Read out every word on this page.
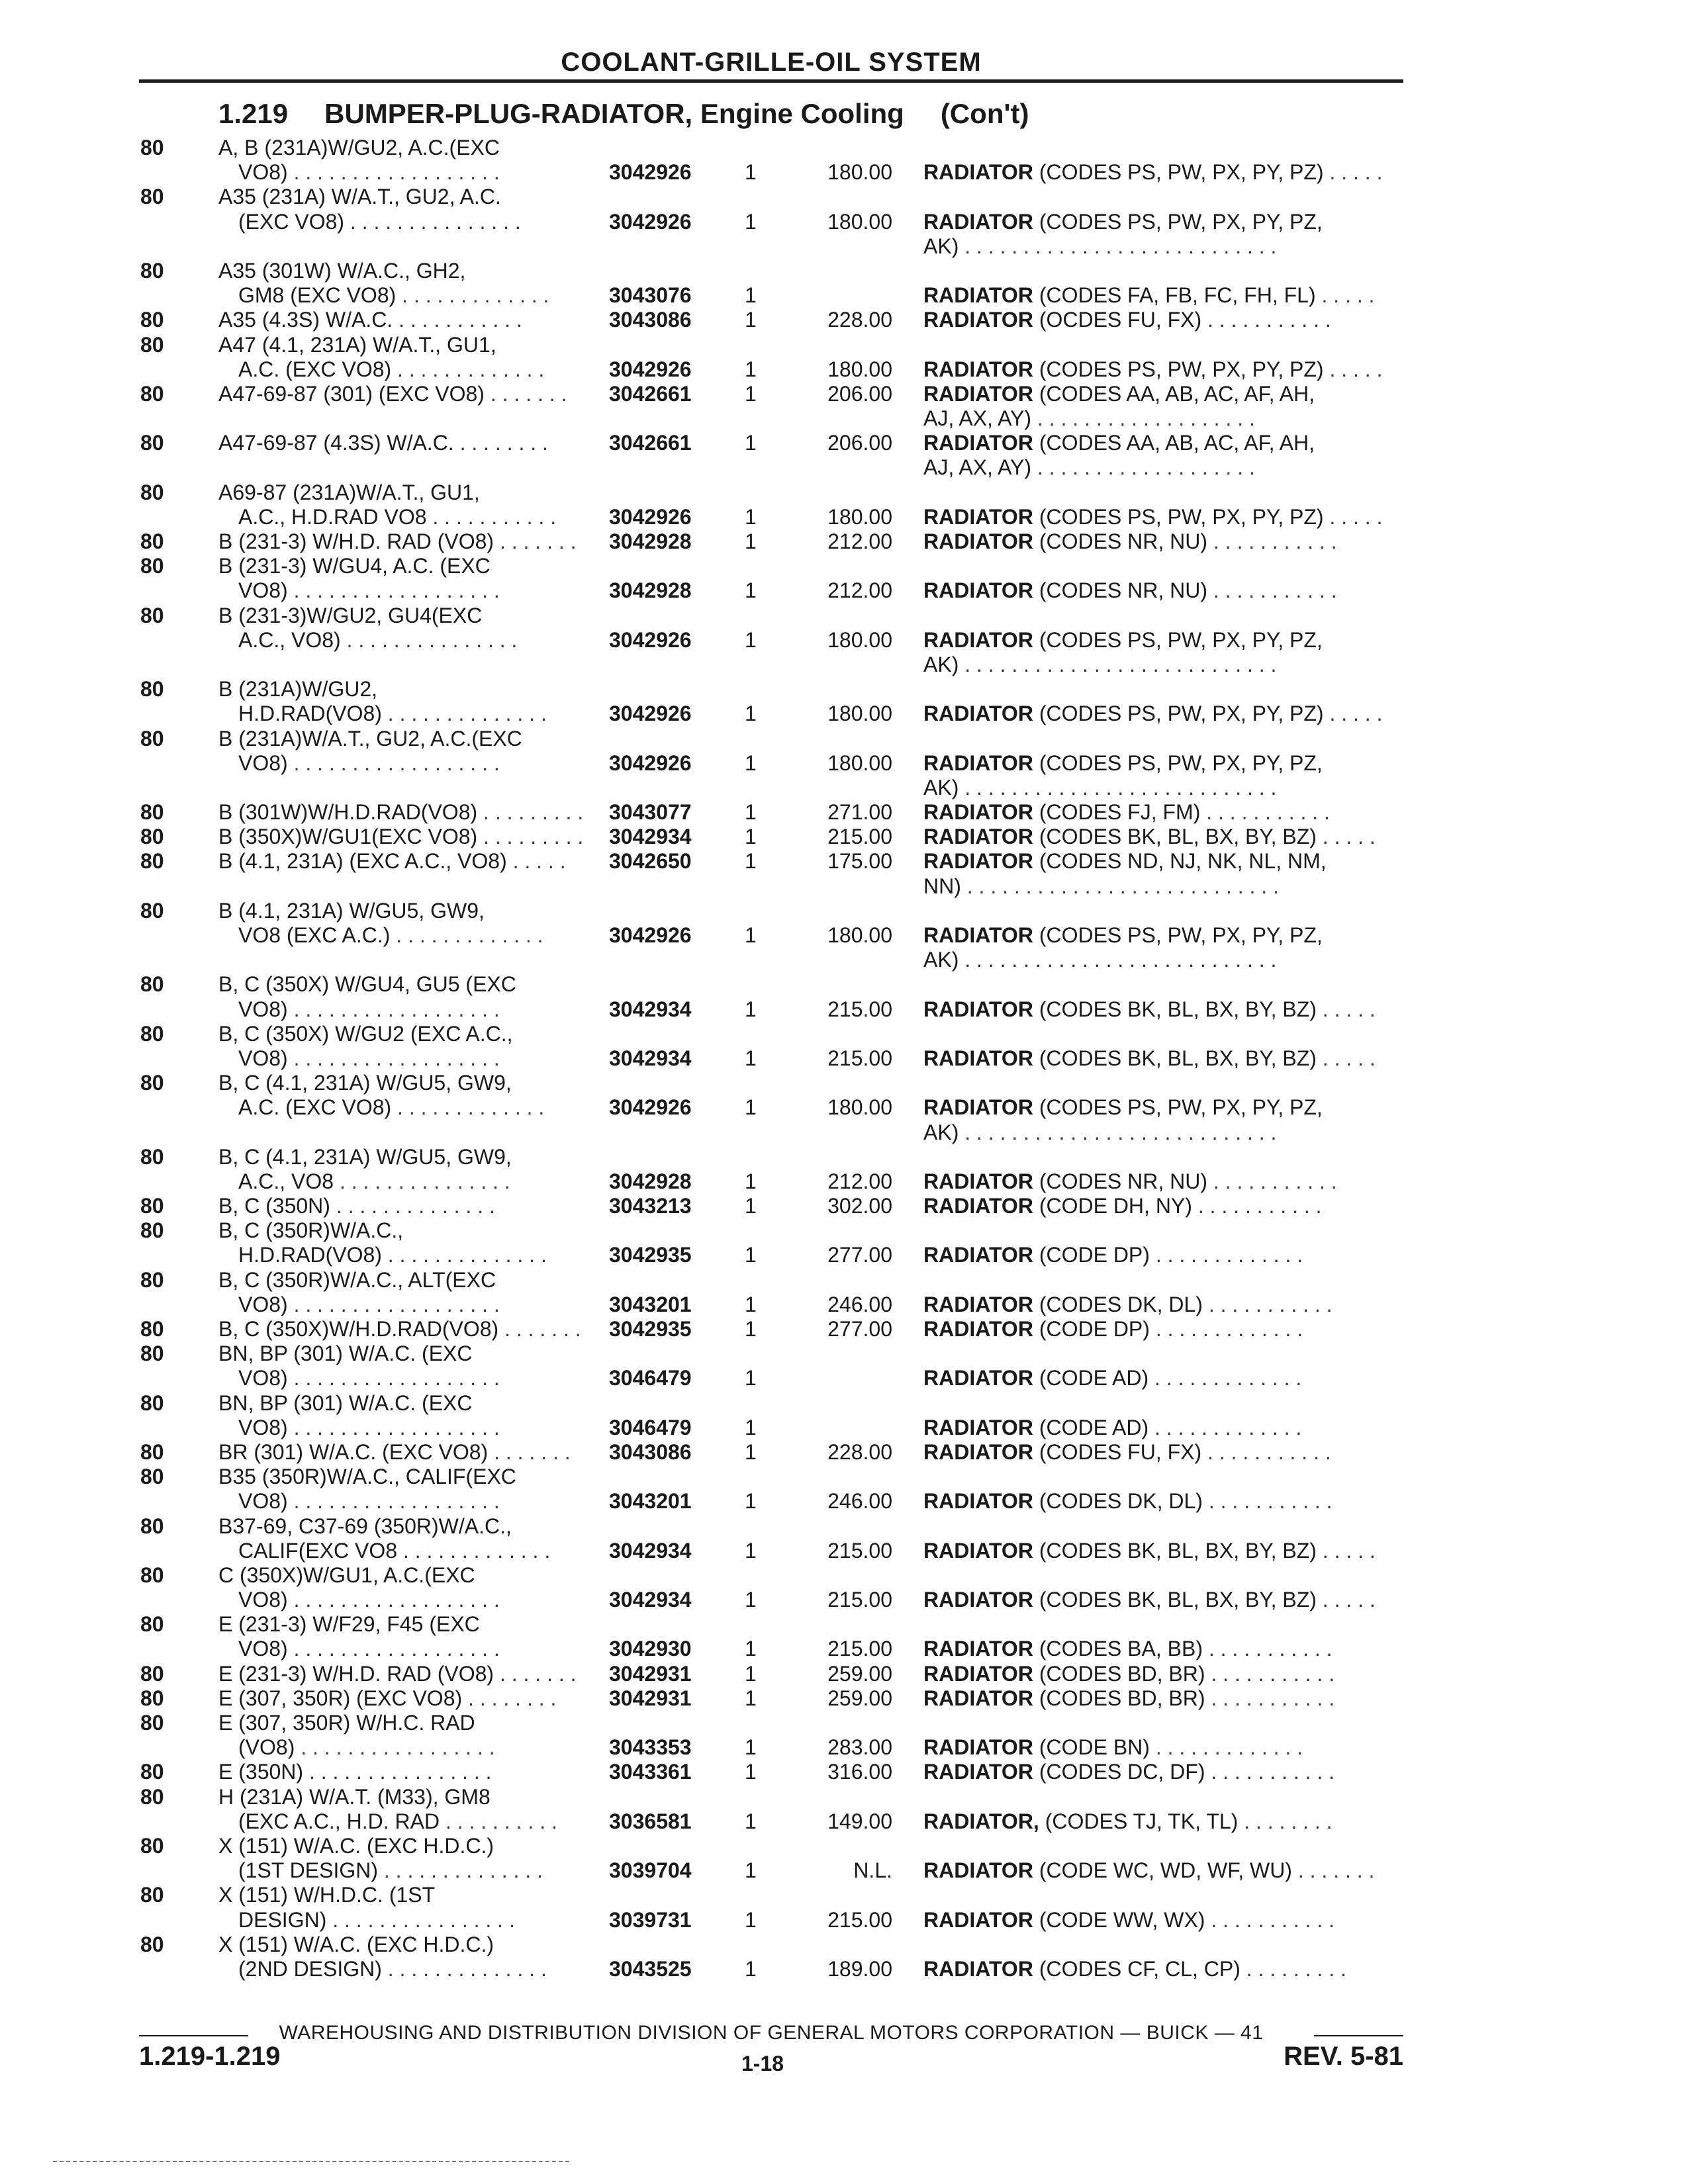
COOLANT-GRILLE-OIL SYSTEM
1.219 BUMPER-PLUG-RADIATOR, Engine Cooling (Con't)
80	A, B (231A)W/GU2, A.C.(EXC
VO8) . . . . . . . . . . . . . . . . . .	3042926	1	180.00 RADIATOR (CODES PS, PW, PX, PY, PZ) . . . . .
80	A35 (231A) W/A.T., GU2, A.C.
(EXC VO8) . . . . . . . . . . . . . . .	3042926	1	180.00 RADIATOR (CODES PS, PW, PX, PY, PZ,
AK) . . . . . . . . . . . . . . . . . . . . . . . . . . .
80	A35 (301W) W/A.C., GH2,
GM8 (EXC VO8) . . . . . . . . . . . . .	3043076	1	RADIATOR (CODES FA, FB, FC, FH, FL) . . . . .
80	A35 (4.3S) W/A.C. . . . . . . . . . . .	3043086	1	228.00 RADIATOR (OCDES FU, FX) . . . . . . . . . . .
80	A47 (4.1, 231A) W/A.T., GU1,
A.C. (EXC VO8) . . . . . . . . . . . . .	3042926	1	180.00 RADIATOR (CODES PS, PW, PX, PY, PZ) . . . . .
80	A47-69-87 (301) (EXC VO8) . . . . . . . 3042661	1	206.00 RADIATOR (CODES AA, AB, AC, AF, AH,
AJ, AX, AY) . . . . . . . . . . . . . . . . . . .
80	A47-69-87 (4.3S) W/A.C. . . . . . . . .	3042661	1	206.00 RADIATOR (CODES AA, AB, AC, AF, AH,
AJ, AX, AY) . . . . . . . . . . . . . . . . . . .
80	A69-87 (231A)W/A.T., GU1,
A.C., H.D.RAD VO8 . . . . . . . . . . . 3042926	1	180.00 RADIATOR (CODES PS, PW, PX, PY, PZ) . . . . .
80	B (231-3) W/H.D. RAD (VO8) . . . . . . . 3042928	1	212.00 RADIATOR (CODES NR, NU) . . . . . . . . . . .
80	B (231-3) W/GU4, A.C. (EXC
VO8) . . . . . . . . . . . . . . . . . .	3042928	1	212.00 RADIATOR (CODES NR, NU) . . . . . . . . . . .
80	B (231-3)W/GU2, GU4(EXC
A.C., VO8) . . . . . . . . . . . . . . .	3042926	1	180.00 RADIATOR (CODES PS, PW, PX, PY, PZ,
AK) . . . . . . . . . . . . . . . . . . . . . . . . . . .
80	B (231A)W/GU2,
H.D.RAD(VO8) . . . . . . . . . . . . . .	3042926	1	180.00 RADIATOR (CODES PS, PW, PX, PY, PZ) . . . . .
80	B (231A)W/A.T., GU2, A.C.(EXC
VO8) . . . . . . . . . . . . . . . . . .	3042926	1	180.00 RADIATOR (CODES PS, PW, PX, PY, PZ,
AK) . . . . . . . . . . . . . . . . . . . . . . . . . . .
80	B (301W)W/H.D.RAD(VO8) . . . . . . . . . 3043077	1	271.00 RADIATOR (CODES FJ, FM) . . . . . . . . . . .
80	B (350X)W/GU1(EXC VO8) . . . . . . . . . 3042934	1	215.00 RADIATOR (CODES BK, BL, BX, BY, BZ) . . . . .
80	B (4.1, 231A) (EXC A.C., VO8) . . . . . 3042650	1	175.00 RADIATOR (CODES ND, NJ, NK, NL, NM,
NN) . . . . . . . . . . . . . . . . . . . . . . . . . . .
80	B (4.1, 231A) W/GU5, GW9,
VO8 (EXC A.C.) . . . . . . . . . . . . .	3042926	1	180.00 RADIATOR (CODES PS, PW, PX, PY, PZ,
AK) . . . . . . . . . . . . . . . . . . . . . . . . . . .
80	B, C (350X) W/GU4, GU5 (EXC
VO8) . . . . . . . . . . . . . . . . . .	3042934	1	215.00 RADIATOR (CODES BK, BL, BX, BY, BZ) . . . . .
80	B, C (350X) W/GU2 (EXC A.C.,
VO8) . . . . . . . . . . . . . . . . . .	3042934	1	215.00 RADIATOR (CODES BK, BL, BX, BY, BZ) . . . . .
80	B, C (4.1, 231A) W/GU5, GW9,
A.C. (EXC VO8) . . . . . . . . . . . . .	3042926	1	180.00 RADIATOR (CODES PS, PW, PX, PY, PZ,
AK) . . . . . . . . . . . . . . . . . . . . . . . . . . .
80	B, C (4.1, 231A) W/GU5, GW9,
A.C., VO8 . . . . . . . . . . . . . . .	3042928	1	212.00 RADIATOR (CODES NR, NU) . . . . . . . . . . .
80	B, C (350N) . . . . . . . . . . . . . .	3043213	1	302.00 RADIATOR (CODE DH, NY) . . . . . . . . . . .
80	B, C (350R)W/A.C.,
H.D.RAD(VO8) . . . . . . . . . . . . . .	3042935	1	277.00 RADIATOR (CODE DP) . . . . . . . . . . . . .
80	B, C (350R)W/A.C., ALT(EXC
VO8) . . . . . . . . . . . . . . . . . .	3043201	1	246.00 RADIATOR (CODES DK, DL) . . . . . . . . . . .
80	B, C (350X)W/H.D.RAD(VO8) . . . . . . . 3042935	1	277.00 RADIATOR (CODE DP) . . . . . . . . . . . . .
80	BN, BP (301) W/A.C. (EXC
VO8) . . . . . . . . . . . . . . . . . .	3046479	1	RADIATOR (CODE AD) . . . . . . . . . . . . .
80	BN, BP (301) W/A.C. (EXC
VO8) . . . . . . . . . . . . . . . . . .	3046479	1	RADIATOR (CODE AD) . . . . . . . . . . . . .
80	BR (301) W/A.C. (EXC VO8) . . . . . . . 3043086	1	228.00 RADIATOR (CODES FU, FX) . . . . . . . . . . .
80	B35 (350R)W/A.C., CALIF(EXC
VO8) . . . . . . . . . . . . . . . . . .	3043201	1	246.00 RADIATOR (CODES DK, DL) . . . . . . . . . . .
80	B37-69, C37-69 (350R)W/A.C.,
CALIF(EXC VO8 . . . . . . . . . . . . .	3042934	1	215.00 RADIATOR (CODES BK, BL, BX, BY, BZ) . . . . .
80	C (350X)W/GU1, A.C.(EXC
VO8) . . . . . . . . . . . . . . . . . .	3042934	1	215.00 RADIATOR (CODES BK, BL, BX, BY, BZ) . . . . .
80	E (231-3) W/F29, F45 (EXC
VO8) . . . . . . . . . . . . . . . . . .	3042930	1	215.00 RADIATOR (CODES BA, BB) . . . . . . . . . . .
80	E (231-3) W/H.D. RAD (VO8) . . . . . . . 3042931	1	259.00 RADIATOR (CODES BD, BR) . . . . . . . . . . .
80	E (307, 350R) (EXC VO8) . . . . . . . . 3042931	1	259.00 RADIATOR (CODES BD, BR) . . . . . . . . . . .
80	E (307, 350R) W/H.C. RAD
(VO8) . . . . . . . . . . . . . . . . .	3043353	1	283.00 RADIATOR (CODE BN) . . . . . . . . . . . . .
80	E (350N) . . . . . . . . . . . . . . . .	3043361	1	316.00 RADIATOR (CODES DC, DF) . . . . . . . . . . .
80	H (231A) W/A.T. (M33), GM8
(EXC A.C., H.D. RAD . . . . . . . . . . 3036581	1	149.00 RADIATOR, (CODES TJ, TK, TL) . . . . . . . .
80	X (151) W/A.C. (EXC H.D.C.)
(1ST DESIGN) . . . . . . . . . . . . . .	3039704	1	N.L. RADIATOR (CODE WC, WD, WF, WU) . . . . . . .
80	X (151) W/H.D.C. (1ST
DESIGN) . . . . . . . . . . . . . . . .	3039731	1	215.00 RADIATOR (CODE WW, WX) . . . . . . . . . . .
80	X (151) W/A.C. (EXC H.D.C.)
(2ND DESIGN) . . . . . . . . . . . . . .	3043525	1	189.00 RADIATOR (CODES CF, CL, CP) . . . . . . . . .
WAREHOUSING AND DISTRIBUTION DIVISION OF GENERAL MOTORS CORPORATION — BUICK — 41
1.219-1.219	1-18	REV. 5-81
